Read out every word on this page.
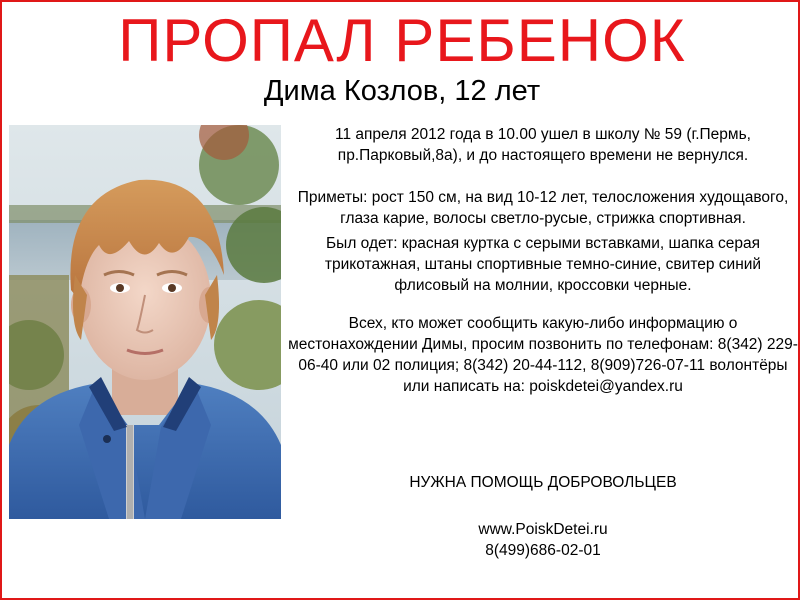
ПРОПАЛ РЕБЕНОК
Дима Козлов, 12 лет

11 апреля 2012 года в 10.00 ушел в школу № 59 (г.Пермь, пр.Парковый,8а), и до настоящего времени не вернулся.

Приметы: рост 150 см, на вид 10-12 лет, телосложения худощавого, глаза карие, волосы светло-русые, стрижка спортивная.

Был одет: красная куртка с серыми вставками, шапка серая трикотажная, штаны спортивные темно-синие, свитер синий флисовый на молнии, кроссовки черные.

Всех, кто может сообщить какую-либо информацию о местонахождении Димы, просим позвонить по телефонам: 8(342) 229-06-40 или 02 полиция; 8(342) 20-44-112, 8(909)726-07-11 волонтёры или написать на: poiskdetei@yandex.ru

НУЖНА ПОМОЩЬ ДОБРОВОЛЬЦЕВ

www.PoiskDetei.ru

8(499)686-02-01
